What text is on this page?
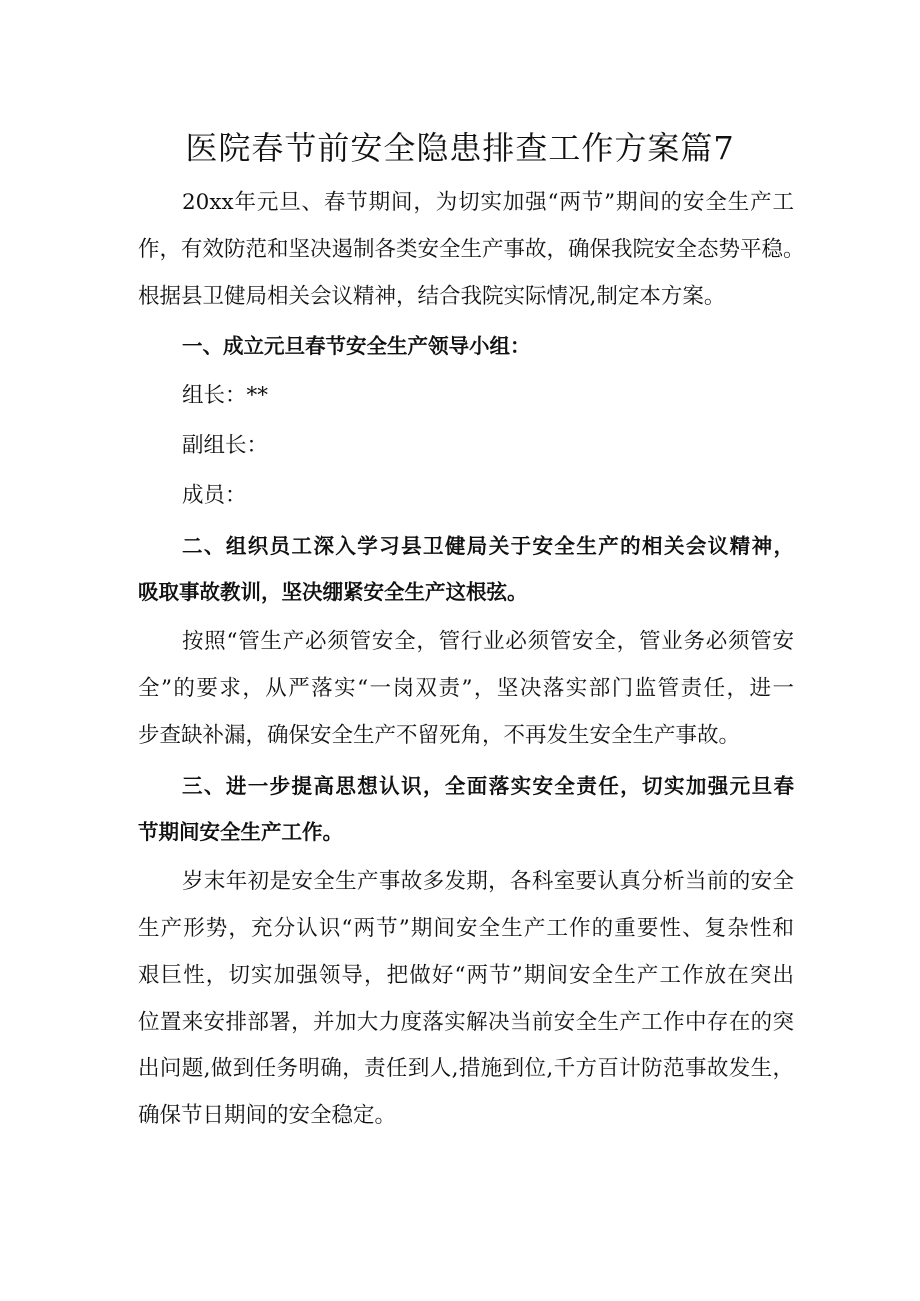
医院春节前安全隐患排查工作方案篇7
20xx年元旦、春节期间，为切实加强“两节”期间的安全生产工
作，有效防范和坚决遏制各类安全生产事故，确保我院安全态势平稳。
根据县卫健局相关会议精神，结合我院实际情况,制定本方案。
一、成立元旦春节安全生产领导小组：
组长：**
副组长：
成员：
二、组织员工深入学习县卫健局关于安全生产的相关会议精神，
吸取事故教训，坚决绷紧安全生产这根弦。
按照“管生产必须管安全，管行业必须管安全，管业务必须管安
全”的要求，从严落实“一岗双责”，坚决落实部门监管责任，进一
步查缺补漏，确保安全生产不留死角，不再发生安全生产事故。
三、进一步提高思想认识，全面落实安全责任，切实加强元旦春
节期间安全生产工作。
岁末年初是安全生产事故多发期，各科室要认真分析当前的安全
生产形势，充分认识“两节”期间安全生产工作的重要性、复杂性和
艰巨性，切实加强领导，把做好“两节”期间安全生产工作放在突出
位置来安排部署，并加大力度落实解决当前安全生产工作中存在的突
出问题,做到任务明确，责任到人,措施到位,千方百计防范事故发生，
确保节日期间的安全稳定。
